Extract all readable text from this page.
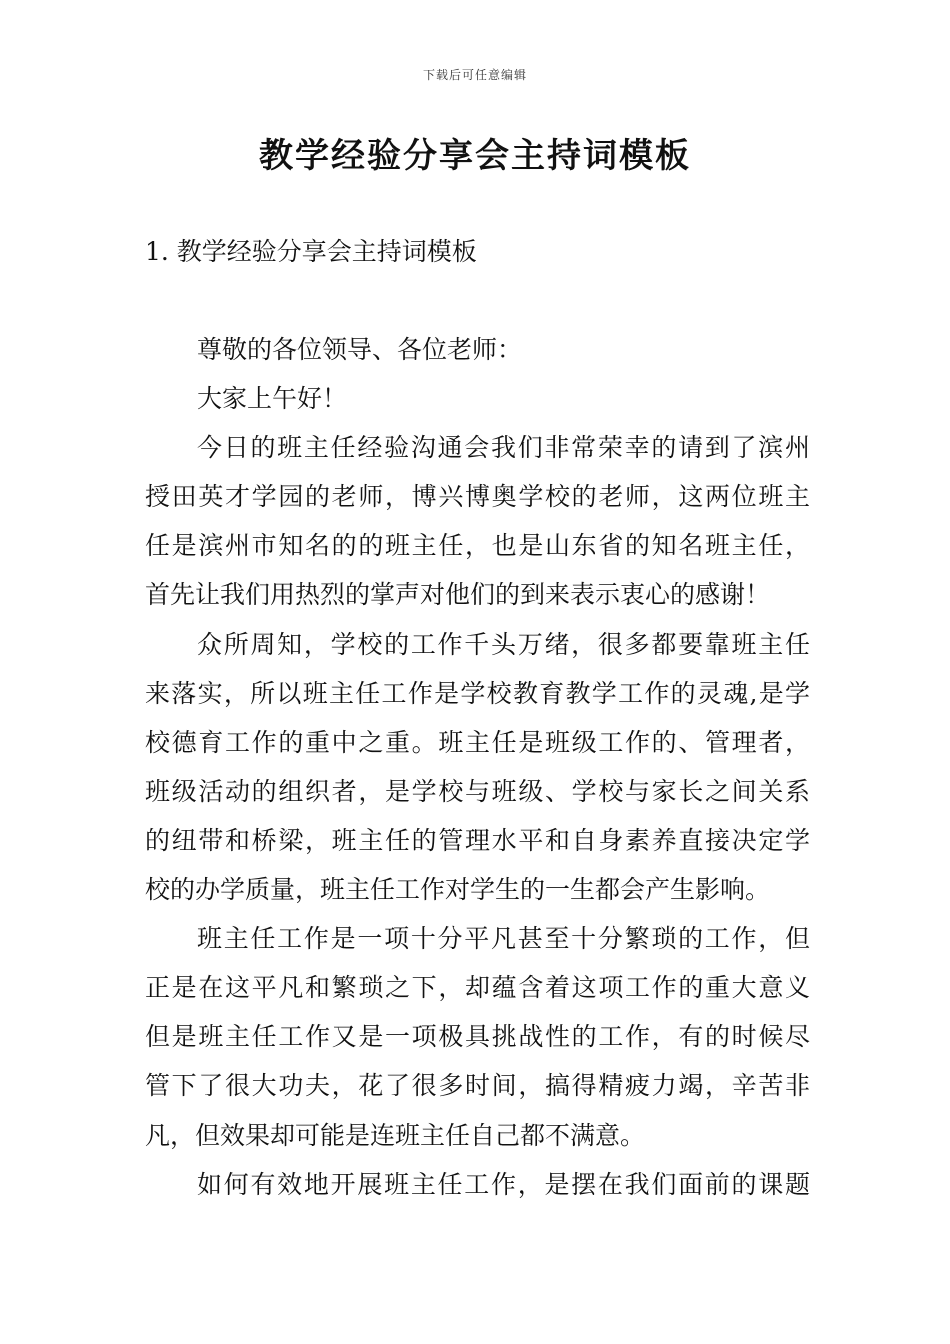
下载后可任意编辑
教学经验分享会主持词模板
1. 教学经验分享会主持词模板
尊敬的各位领导、各位老师：
大家上午好！
今日的班主任经验沟通会我们非常荣幸的请到了滨州
授田英才学园的老师，博兴博奥学校的老师，这两位班主
任是滨州市知名的的班主任，也是山东省的知名班主任，
首先让我们用热烈的掌声对他们的到来表示衷心的感谢！
众所周知，学校的工作千头万绪，很多都要靠班主任
来落实，所以班主任工作是学校教育教学工作的灵魂,是学
校德育工作的重中之重。班主任是班级工作的、管理者，
班级活动的组织者，是学校与班级、学校与家长之间关系
的纽带和桥梁，班主任的管理水平和自身素养直接决定学
校的办学质量，班主任工作对学生的一生都会产生影响。
班主任工作是一项十分平凡甚至十分繁琐的工作，但
正是在这平凡和繁琐之下，却蕴含着这项工作的重大意义
但是班主任工作又是一项极具挑战性的工作，有的时候尽
管下了很大功夫，花了很多时间，搞得精疲力竭，辛苦非
凡，但效果却可能是连班主任自己都不满意。
如何有效地开展班主任工作，是摆在我们面前的课题
